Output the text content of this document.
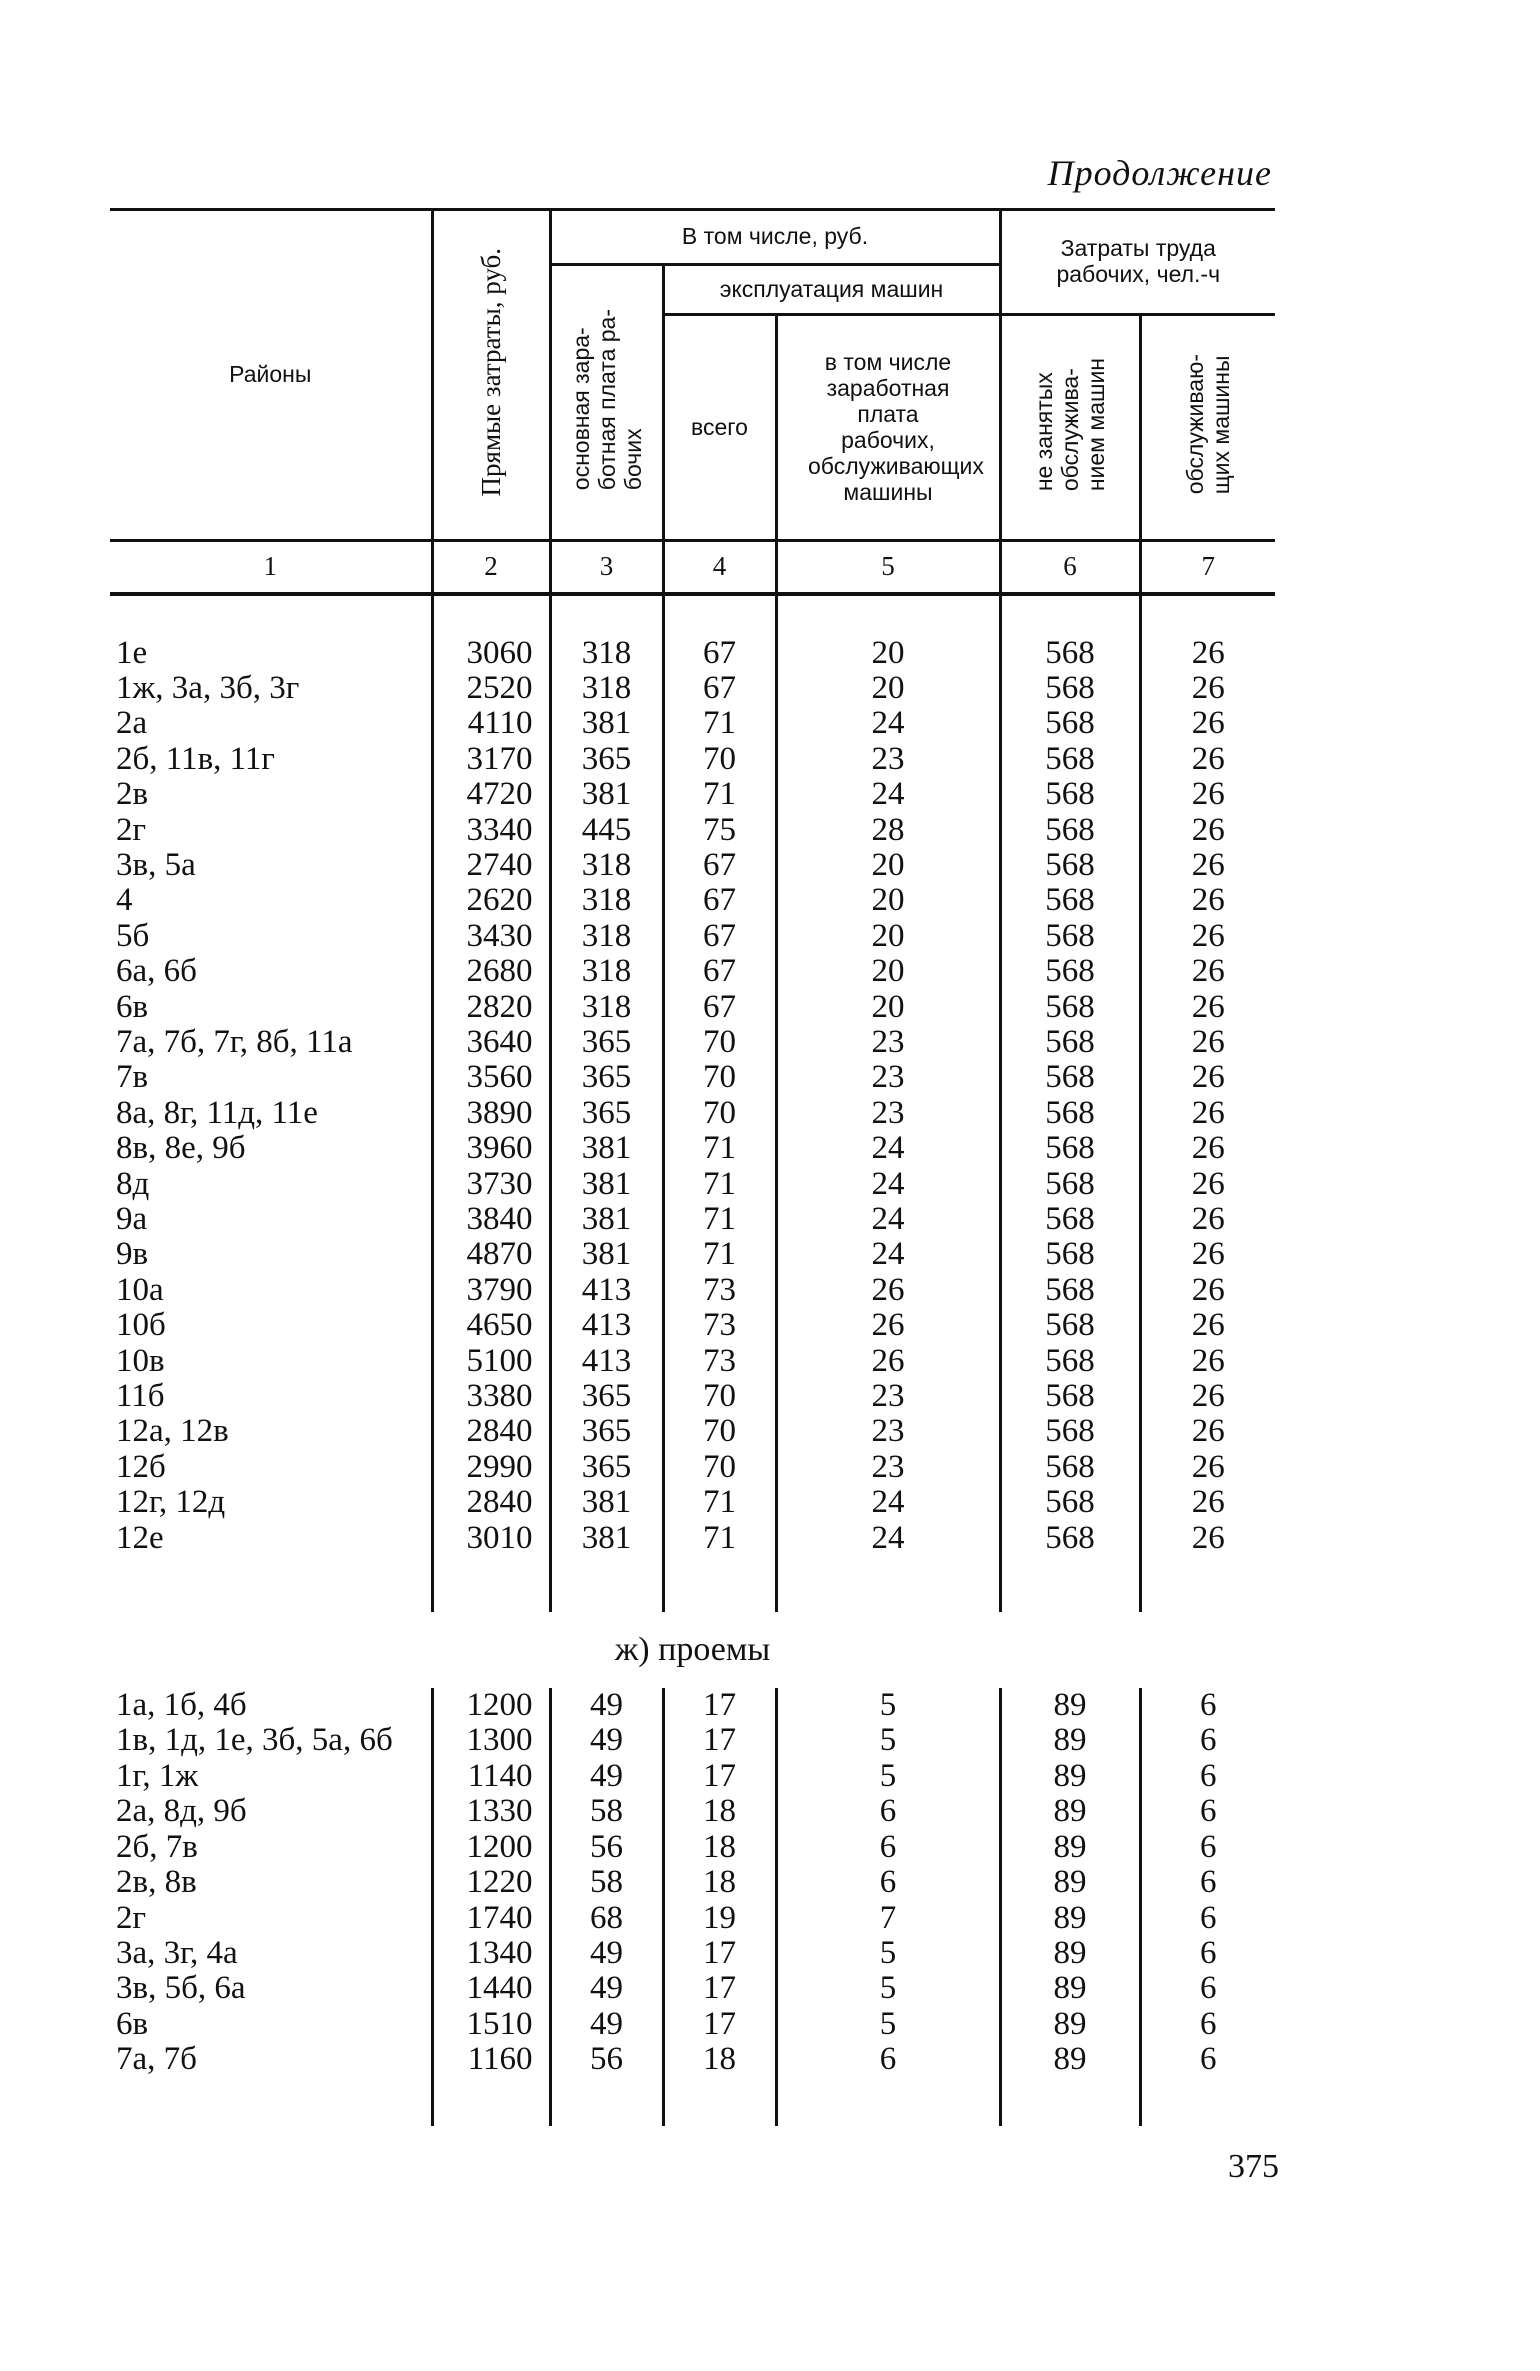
Продолжение
Районы	Прямые затраты, руб.	В том числе, руб.			Затраты труда рабочих, чел.-ч	
		основная зара-
ботная плата ра-
бочих	эксплуатация машин			
			всего	в том числе заработная плата рабочих, обслуживающих машины	не занятых
обслужива-
нием машин	обслуживаю-
щих машины
1	2	3	4	5	6	7

1е	3060	318	67	20	568	26
1ж, 3а, 3б, 3г	2520	318	67	20	568	26
2а	4110	381	71	24	568	26
2б, 11в, 11г	3170	365	70	23	568	26
2в	4720	381	71	24	568	26
2г	3340	445	75	28	568	26
3в, 5а	2740	318	67	20	568	26
4	2620	318	67	20	568	26
5б	3430	318	67	20	568	26
6а, 6б	2680	318	67	20	568	26
6в	2820	318	67	20	568	26
7а, 7б, 7г, 8б, 11а	3640	365	70	23	568	26
7в	3560	365	70	23	568	26
8а, 8г, 11д, 11е	3890	365	70	23	568	26
8в, 8е, 9б	3960	381	71	24	568	26
8д	3730	381	71	24	568	26
9а	3840	381	71	24	568	26
9в	4870	381	71	24	568	26
10а	3790	413	73	26	568	26
10б	4650	413	73	26	568	26
10в	5100	413	73	26	568	26
11б	3380	365	70	23	568	26
12а, 12в	2840	365	70	23	568	26
12б	2990	365	70	23	568	26
12г, 12д	2840	381	71	24	568	26
12е	3010	381	71	24	568	26

ж) проемы						
1а, 1б, 4б	1200	49	17	5	89	6
1в, 1д, 1е, 3б, 5а, 6б	1300	49	17	5	89	6
1г, 1ж	1140	49	17	5	89	6
2а, 8д, 9б	1330	58	18	6	89	6
2б, 7в	1200	56	18	6	89	6
2в, 8в	1220	58	18	6	89	6
2г	1740	68	19	7	89	6
3а, 3г, 4а	1340	49	17	5	89	6
3в, 5б, 6а	1440	49	17	5	89	6
6в	1510	49	17	5	89	6
7а, 7б	1160	56	18	6	89	6

375
